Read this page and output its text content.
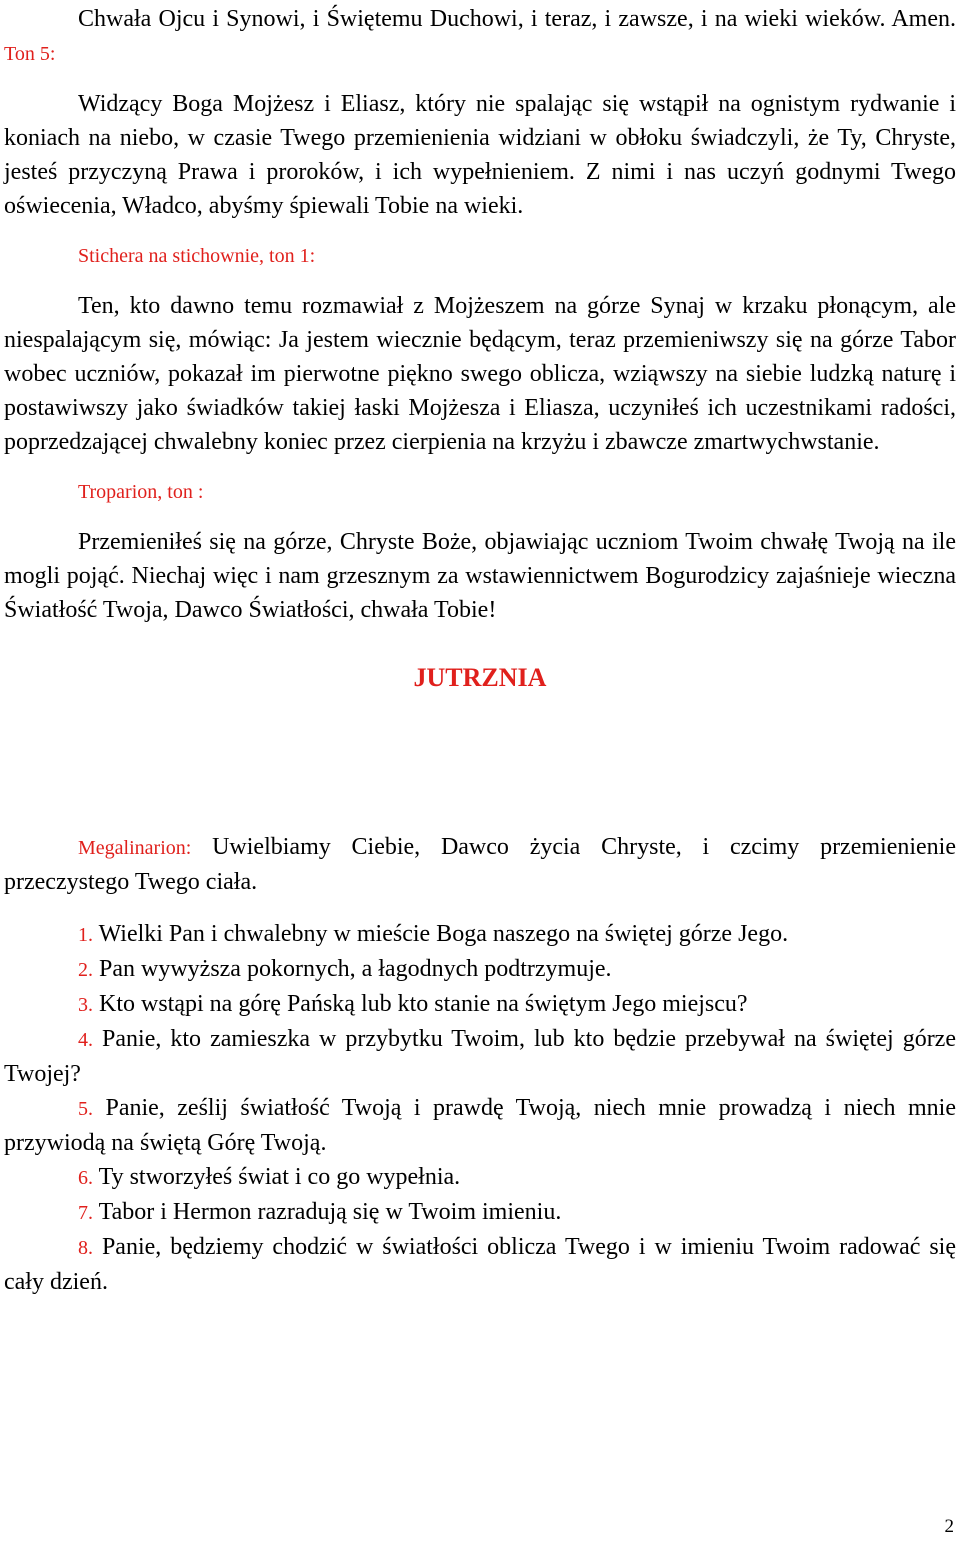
Chwała Ojcu i Synowi, i Świętemu Duchowi, i teraz, i zawsze, i na wieki wieków. Amen. Ton 5:

Widzący Boga Mojżesz i Eliasz, który nie spalając się wstąpił na ognistym rydwanie i koniach na niebo, w czasie Twego przemienienia widziani w obłoku świadczyli, że Ty, Chryste, jesteś przyczyną Prawa i proroków, i ich wypełnieniem. Z nimi i nas uczyń godnymi Twego oświecenia, Władco, abyśmy śpiewali Tobie na wieki.

Stichera na stichownie, ton 1:

Ten, kto dawno temu rozmawiał z Mojżeszem na górze Synaj w krzaku płonącym, ale niespalającym się, mówiąc: Ja jestem wiecznie będącym, teraz przemieniwszy się na górze Tabor wobec uczniów, pokazał im pierwotne piękno swego oblicza, wziąwszy na siebie ludzką naturę i postawiwszy jako świadków takiej łaski Mojżesza i Eliasza, uczyniłeś ich uczestnikami radości, poprzedzającej chwalebny koniec przez cierpienia na krzyżu i zbawcze zmartwychwstanie.

Troparion, ton :

Przemieniłeś się na górze, Chryste Boże, objawiając uczniom Twoim chwałę Twoją na ile mogli pojąć. Niechaj więc i nam grzesznym za wstawiennictwem Bogurodzicy zajaśnieje wieczna Światłość Twoja, Dawco Światłości, chwała Tobie!

JUTRZNIA

Megalinarion: Uwielbiamy Ciebie, Dawco życia Chryste, i czcimy przemienienie przeczystego Twego ciała.

1. Wielki Pan i chwalebny w mieście Boga naszego na świętej górze Jego.

2. Pan wywyższa pokornych, a łagodnych podtrzymuje.

3. Kto wstąpi na górę Pańską lub kto stanie na świętym Jego miejscu?

4. Panie, kto zamieszka w przybytku Twoim, lub kto będzie przebywał na świętej górze Twojej?

5. Panie, ześlij światłość Twoją i prawdę Twoją, niech mnie prowadzą i niech mnie przywiodą na świętą Górę Twoją.

6. Ty stworzyłeś świat i co go wypełnia.

7. Tabor i Hermon razradują się w Twoim imieniu.

8. Panie, będziemy chodzić w światłości oblicza Twego i w imieniu Twoim radować się cały dzień.

2
